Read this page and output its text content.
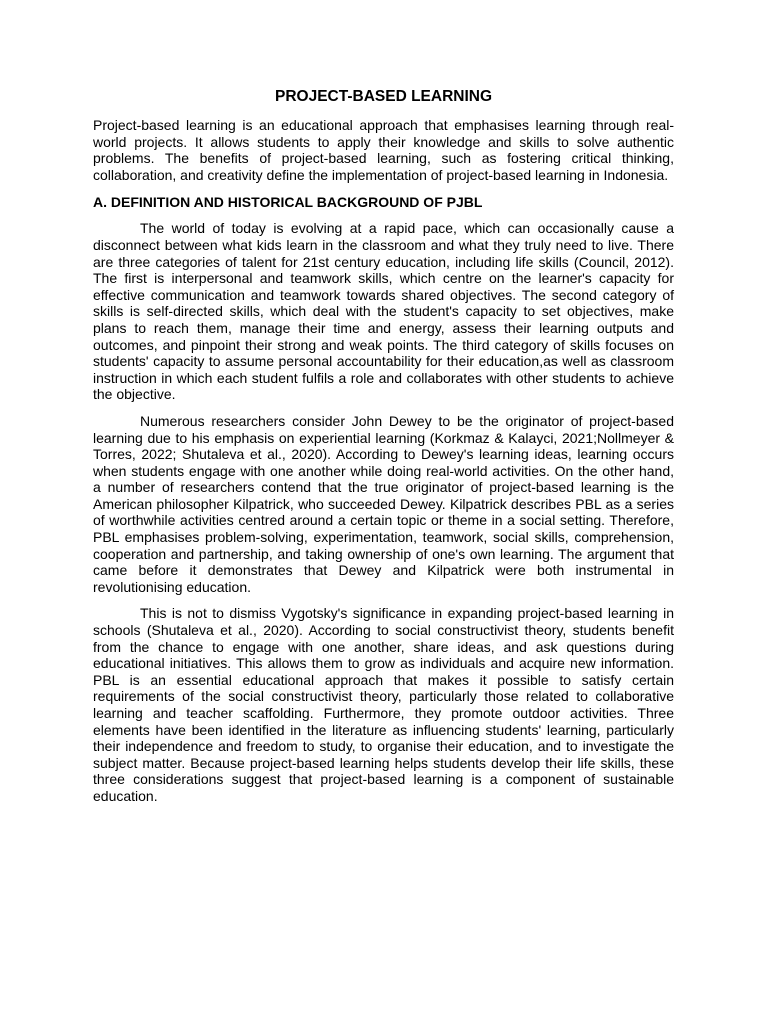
PROJECT-BASED LEARNING

Project-based learning is an educational approach that emphasises learning through real-world projects. It allows students to apply their knowledge and skills to solve authentic problems. The benefits of project-based learning, such as fostering critical thinking, collaboration, and creativity define the implementation of project-based learning in Indonesia.

A. DEFINITION AND HISTORICAL BACKGROUND OF PJBL

The world of today is evolving at a rapid pace, which can occasionally cause a disconnect between what kids learn in the classroom and what they truly need to live. There are three categories of talent for 21st century education, including life skills (Council, 2012). The first is interpersonal and teamwork skills, which centre on the learner's capacity for effective communication and teamwork towards shared objectives. The second category of skills is self-directed skills, which deal with the student's capacity to set objectives, make plans to reach them, manage their time and energy, assess their learning outputs and outcomes, and pinpoint their strong and weak points. The third category of skills focuses on students' capacity to assume personal accountability for their education,as well as classroom instruction in which each student fulfils a role and collaborates with other students to achieve the objective.

Numerous researchers consider John Dewey to be the originator of project-based learning due to his emphasis on experiential learning (Korkmaz & Kalayci, 2021;Nollmeyer & Torres, 2022; Shutaleva et al., 2020). According to Dewey's learning ideas, learning occurs when students engage with one another while doing real-world activities. On the other hand, a number of researchers contend that the true originator of project-based learning is the American philosopher Kilpatrick, who succeeded Dewey. Kilpatrick describes PBL as a series of worthwhile activities centred around a certain topic or theme in a social setting. Therefore, PBL emphasises problem-solving, experimentation, teamwork, social skills, comprehension, cooperation and partnership, and taking ownership of one's own learning. The argument that came before it demonstrates that Dewey and Kilpatrick were both instrumental in revolutionising education.

This is not to dismiss Vygotsky's significance in expanding project-based learning in schools (Shutaleva et al., 2020). According to social constructivist theory, students benefit from the chance to engage with one another, share ideas, and ask questions during educational initiatives. This allows them to grow as individuals and acquire new information. PBL is an essential educational approach that makes it possible to satisfy certain requirements of the social constructivist theory, particularly those related to collaborative learning and teacher scaffolding. Furthermore, they promote outdoor activities. Three elements have been identified in the literature as influencing students' learning, particularly their independence and freedom to study, to organise their education, and to investigate the subject matter. Because project-based learning helps students develop their life skills, these three considerations suggest that project-based learning is a component of sustainable education.
